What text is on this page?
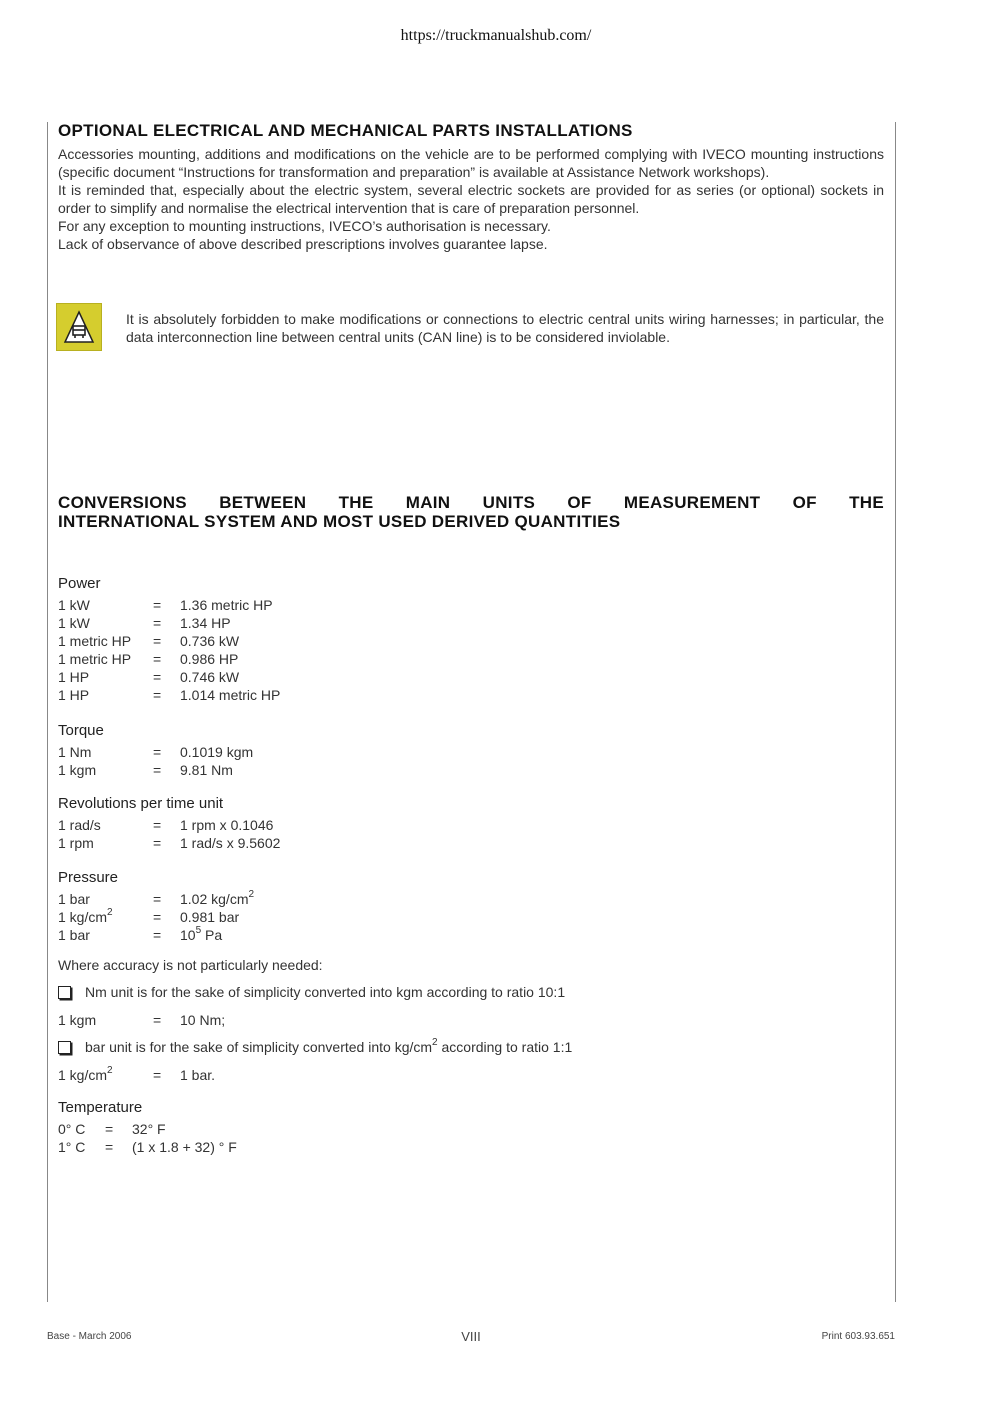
https://truckmanualshub.com/
OPTIONAL ELECTRICAL AND MECHANICAL PARTS INSTALLATIONS
Accessories mounting, additions and modifications on the vehicle are to be performed complying with IVECO mounting instructions (specific document “Instructions for transformation and preparation” is available at Assistance Network workshops).
It is reminded that, especially about the electric system, several electric sockets are provided for as series (or optional) sockets in order to simplify and normalise the electrical intervention that is care of preparation personnel.
For any exception to mounting instructions, IVECO’s authorisation is necessary.
Lack of observance of above described prescriptions involves guarantee lapse.
It is absolutely forbidden to make modifications or connections to electric central units wiring harnesses; in particular, the data interconnection line between central units (CAN line) is to be considered inviolable.
CONVERSIONS BETWEEN THE MAIN UNITS OF MEASUREMENT OF THE
INTERNATIONAL SYSTEM AND MOST USED DERIVED QUANTITIES
Power
1 kW	=	1.36 metric HP
1 kW	=	1.34 HP
1 metric HP	=	0.736 kW
1 metric HP	=	0.986 HP
1 HP	=	0.746 kW
1 HP	=	1.014 metric HP
Torque
1 Nm	=	0.1019 kgm
1 kgm	=	9.81 Nm
Revolutions per time unit
1 rad/s	=	1 rpm x 0.1046
1 rpm	=	1 rad/s x 9.5602
Pressure
1 bar	=	1.02 $kg/cm^2$
1 $kg/cm^2$	=	0.981 bar
1 bar	=	$10^5$ Pa
Where accuracy is not particularly needed:
Nm unit is for the sake of simplicity converted into kgm according to ratio 10:1
1 kgm	=	10 Nm;
bar unit is for the sake of simplicity converted into $kg/cm^2$ according to ratio 1:1
1 $kg/cm^2$	=	1 bar.
Temperature
0° C	=	32° F
1° C	=	(1 x 1.8 + 32) ° F
Base - March 2006	VIII	Print 603.93.651
